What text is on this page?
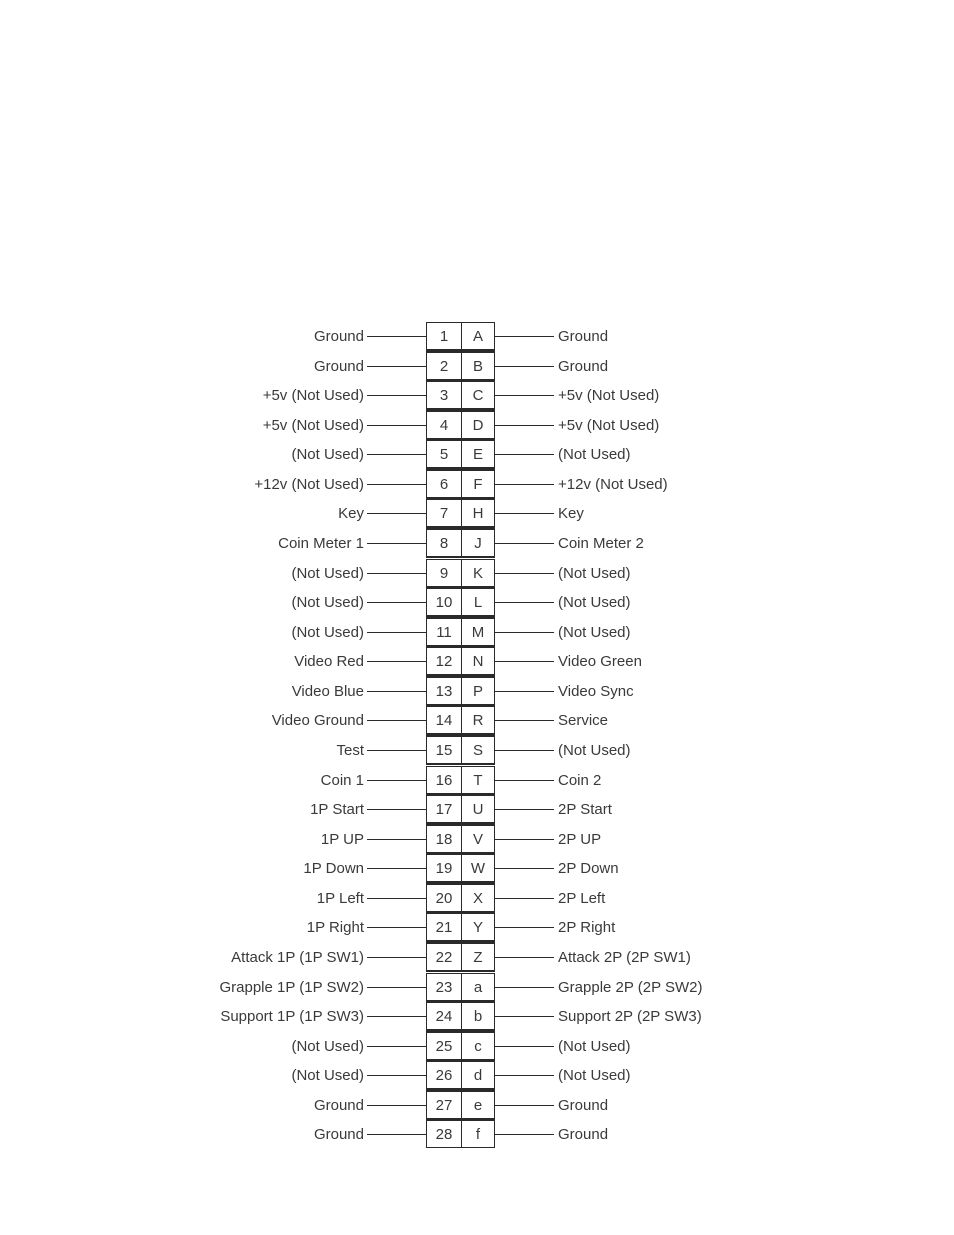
Ground	1	A	Ground
Ground	2	B	Ground
+5v (Not Used)	3	C	+5v (Not Used)
+5v (Not Used)	4	D	+5v (Not Used)
(Not Used)	5	E	(Not Used)
+12v (Not Used)	6	F	+12v (Not Used)
Key	7	H	Key
Coin Meter 1	8	J	Coin Meter 2
(Not Used)	9	K	(Not Used)
(Not Used)	10	L	(Not Used)
(Not Used)	11	M	(Not Used)
Video Red	12	N	Video Green
Video Blue	13	P	Video Sync
Video Ground	14	R	Service
Test	15	S	(Not Used)
Coin 1	16	T	Coin 2
1P Start	17	U	2P Start
1P UP	18	V	2P UP
1P Down	19	W	2P Down
1P Left	20	X	2P Left
1P Right	21	Y	2P Right
Attack 1P (1P SW1)	22	Z	Attack 2P (2P SW1)
Grapple 1P (1P SW2)	23	a	Grapple 2P (2P SW2)
Support 1P (1P SW3)	24	b	Support 2P (2P SW3)
(Not Used)	25	c	(Not Used)
(Not Used)	26	d	(Not Used)
Ground	27	e	Ground
Ground	28	f	Ground
